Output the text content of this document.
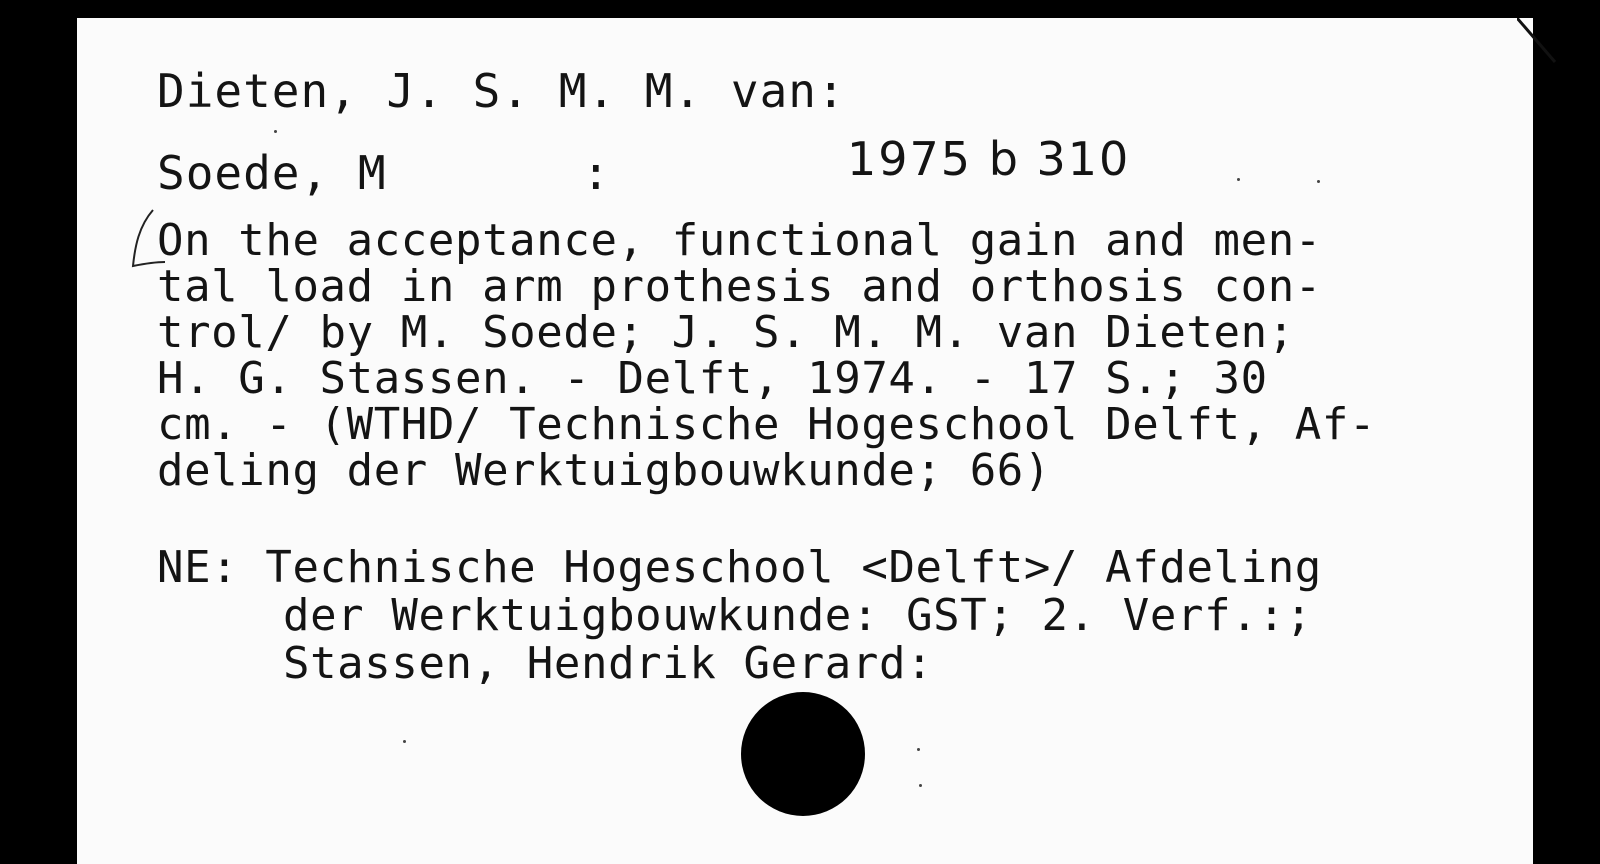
Dieten, J. S. M. M. van:
Soede, M	:	1975 b 310
On the acceptance, functional gain and men-
tal load in arm prothesis and orthosis con-
trol/ by M. Soede; J. S. M. M. van Dieten;
H. G. Stassen. - Delft, 1974. - 17 S.; 30
cm. - (WTHD/ Technische Hogeschool Delft, Af-
deling der Werktuigbouwkunde; 66)
NE: Technische Hogeschool <Delft>/ Afdeling
der Werktuigbouwkunde: GST; 2. Verf.:;
Stassen, Hendrik Gerard:
